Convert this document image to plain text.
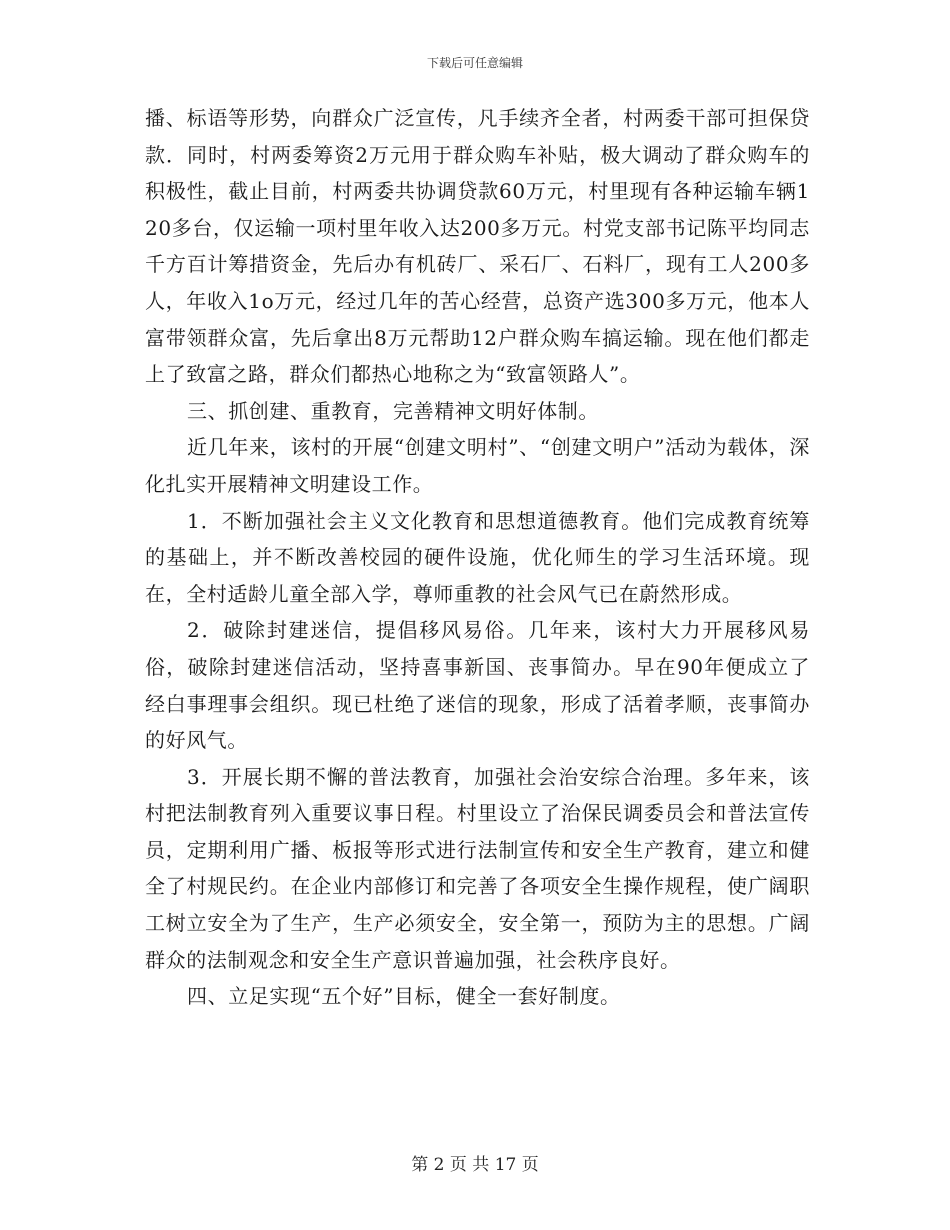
下载后可任意编辑

播、标语等形势，向群众广泛宣传，凡手续齐全者，村两委干部可担保贷款．同时，村两委筹资2万元用于群众购车补贴，极大调动了群众购车的积极性，截止目前，村两委共协调贷款60万元，村里现有各种运输车辆120多台，仅运输一项村里年收入达200多万元。村党支部书记陈平均同志千方百计筹措资金，先后办有机砖厂、采石厂、石料厂，现有工人200多人，年收入1o万元，经过几年的苦心经营，总资产选300多万元，他本人富带领群众富，先后拿出8万元帮助12户群众购车搞运输。现在他们都走上了致富之路，群众们都热心地称之为“致富领路人”。

三、抓创建、重教育，完善精神文明好体制。

近几年来，该村的开展“创建文明村”、“创建文明户”活动为载体，深化扎实开展精神文明建设工作。

1．不断加强社会主义文化教育和思想道德教育。他们完成教育统筹的基础上，并不断改善校园的硬件设施，优化师生的学习生活环境。现在，全村适龄儿童全部入学，尊师重教的社会风气已在蔚然形成。

2．破除封建迷信，提倡移风易俗。几年来，该村大力开展移风易俗，破除封建迷信活动，坚持喜事新国、丧事简办。早在90年便成立了经白事理事会组织。现已杜绝了迷信的现象，形成了活着孝顺，丧事简办的好风气。

3．开展长期不懈的普法教育，加强社会治安综合治理。多年来，该村把法制教育列入重要议事日程。村里设立了治保民调委员会和普法宣传员，定期利用广播、板报等形式进行法制宣传和安全生产教育，建立和健全了村规民约。在企业内部修订和完善了各项安全生操作规程，使广阔职工树立安全为了生产，生产必须安全，安全第一，预防为主的思想。广阔群众的法制观念和安全生产意识普遍加强，社会秩序良好。

四、立足实现“五个好”目标，健全一套好制度。

第 2 页 共 17 页
